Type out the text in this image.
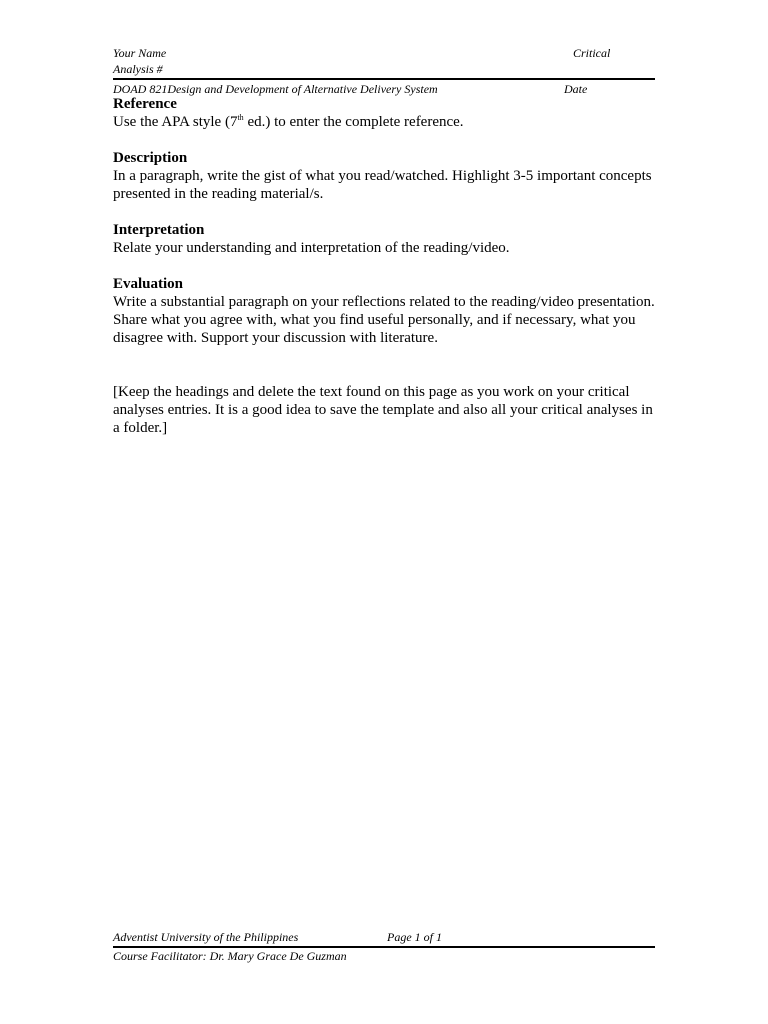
Your Name	Critical
Analysis #
DOAD 821Design and Development of Alternative Delivery System	Date
Reference

Use the APA style (7th ed.) to enter the complete reference.

Description

In a paragraph, write the gist of what you read/watched. Highlight 3-5 important concepts presented in the reading material/s.

Interpretation

Relate your understanding and interpretation of the reading/video.

Evaluation

Write a substantial paragraph on your reflections related to the reading/video presentation. Share what you agree with, what you find useful personally, and if necessary, what you disagree with. Support your discussion with literature.

[Keep the headings and delete the text found on this page as you work on your critical analyses entries. It is a good idea to save the template and also all your critical analyses in a folder.]

Adventist University of the Philippines	Page 1 of 1
Course Facilitator: Dr. Mary Grace De Guzman
